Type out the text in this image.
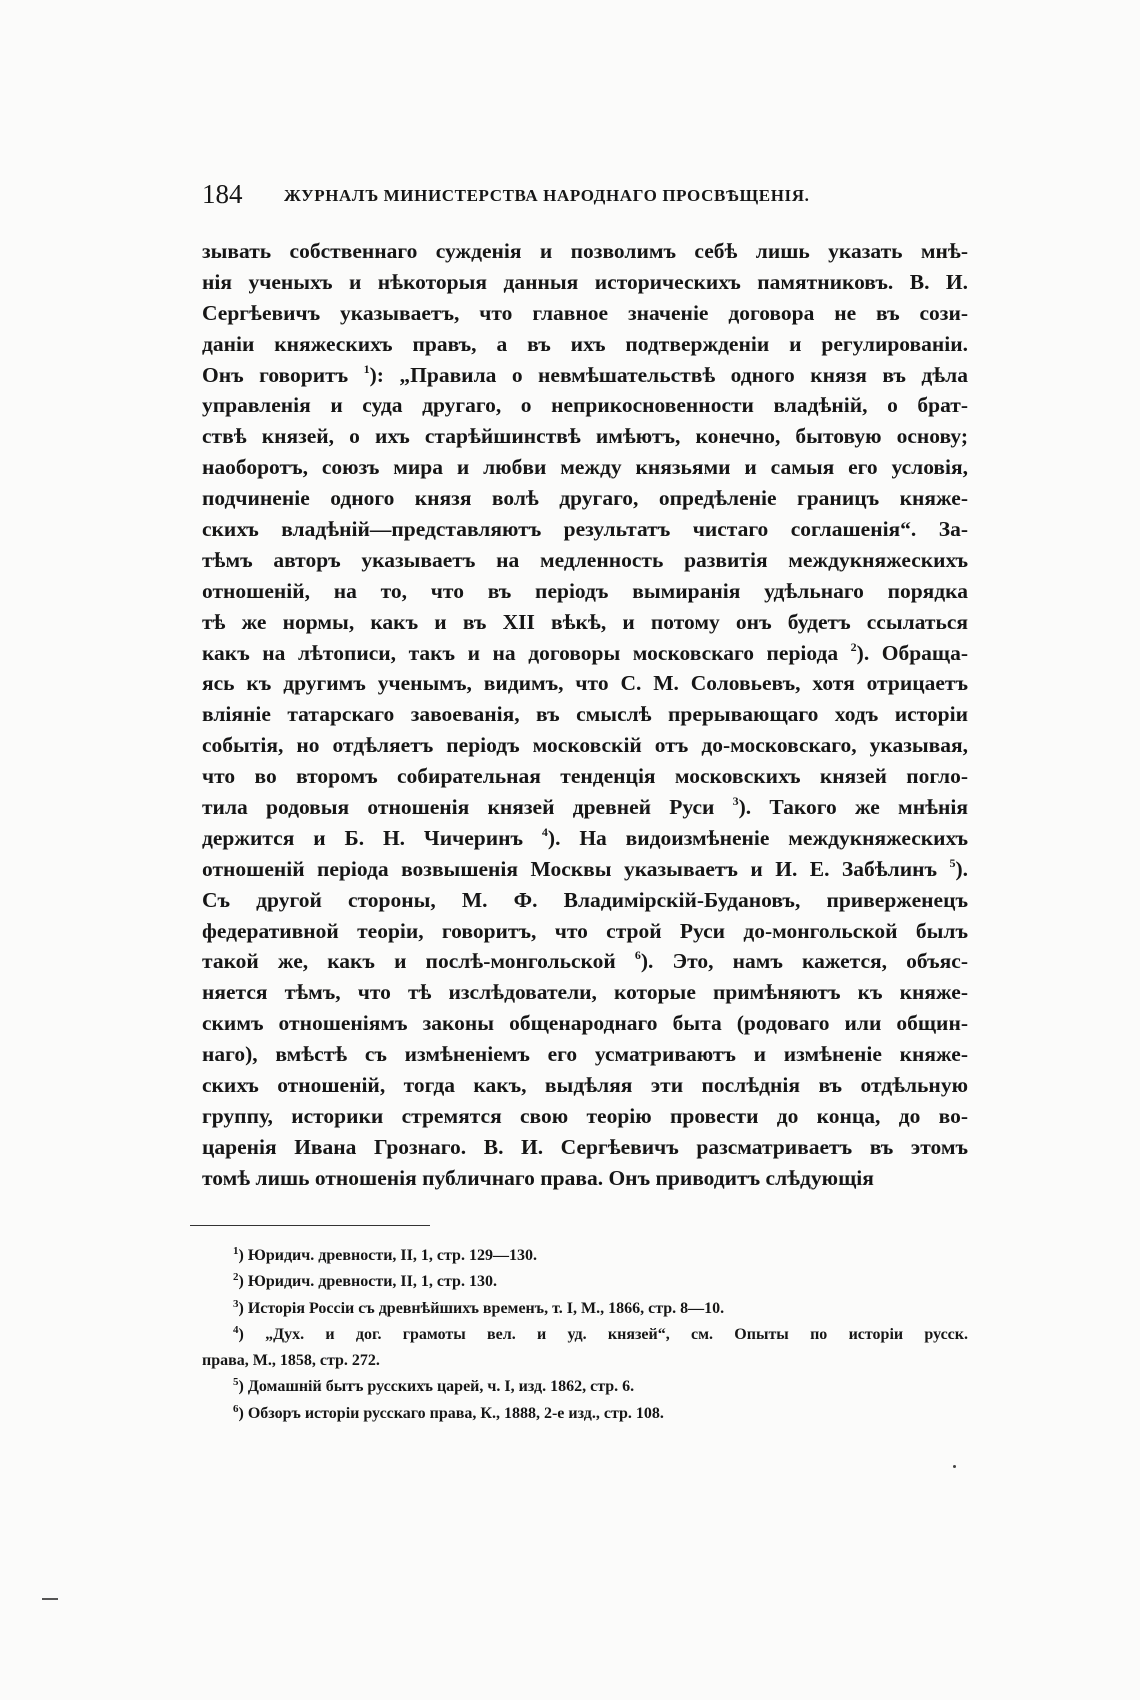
184 ЖУРНАЛЪ МИНИСТЕРСТВА НАРОДНАГО ПРОСВѢЩЕНІЯ.
зывать собственнаго сужденія и позволимъ себѣ лишь указать мнѣ-
нія ученыхъ и нѣкоторыя данныя историческихъ памятниковъ. В. И.
Сергѣевичъ указываетъ, что главное значеніе договора не въ сози-
даніи княжескихъ правъ, а въ ихъ подтвержденіи и регулированіи.
Онъ говоритъ $^1$): „Правила о невмѣшательствѣ одного князя въ дѣла
управленія и суда другаго, о неприкосновенности владѣній, о брат-
ствѣ князей, о ихъ старѣйшинствѣ имѣютъ, конечно, бытовую основу;
наоборотъ, союзъ мира и любви между князьями и самыя его условія,
подчиненіе одного князя волѣ другаго, опредѣленіе границъ княже-
скихъ владѣній—представляютъ результатъ чистаго соглашенія“. За-
тѣмъ авторъ указываетъ на медленность развитія междукняжескихъ
отношеній, на то, что въ періодъ вымиранія удѣльнаго порядка
тѣ же нормы, какъ и въ XII вѣкѣ, и потому онъ будетъ ссылаться
какъ на лѣтописи, такъ и на договоры московскаго періода $^2$). Обраща-
ясь къ другимъ ученымъ, видимъ, что С. М. Соловьевъ, хотя отрицаетъ
вліяніе татарскаго завоеванія, въ смыслѣ прерывающаго ходъ исторіи
событія, но отдѣляетъ періодъ московскій отъ до-московскаго, указывая,
что во второмъ собирательная тенденція московскихъ князей погло-
тила родовыя отношенія князей древней Руси $^3$). Такого же мнѣнія
держится и Б. Н. Чичеринъ $^4$). На видоизмѣненіе междукняжескихъ
отношеній періода возвышенія Москвы указываетъ и И. Е. Забѣлинъ $^5$).
Съ другой стороны, М. Ф. Владимірскій-Будановъ, приверженецъ
федеративной теоріи, говоритъ, что строй Руси до-монгольской былъ
такой же, какъ и послѣ-монгольской $^6$). Это, намъ кажется, объяс-
няется тѣмъ, что тѣ изслѣдователи, которые примѣняютъ къ княже-
скимъ отношеніямъ законы общенароднаго быта (родоваго или общин-
наго), вмѣстѣ съ измѣненіемъ его усматриваютъ и измѣненіе княже-
скихъ отношеній, тогда какъ, выдѣляя эти послѣднія въ отдѣльную
группу, историки стремятся свою теорію провести до конца, до во-
царенія Ивана Грознаго. В. И. Сергѣевичъ разсматриваетъ въ этомъ
томѣ лишь отношенія публичнаго права. Онъ приводитъ слѣдующія
$^1$) Юридич. древности, II, 1, стр. 129—130.
$^2$) Юридич. древности, II, 1, стр. 130.
$^3$) Исторія Россіи съ древнѣйшихъ временъ, т. I, М., 1866, стр. 8—10.
$^4$) „Дух. и дог. грамоты вел. и уд. князей“, см. Опыты по исторіи русск.
права, М., 1858, стр. 272.
$^5$) Домашній бытъ русскихъ царей, ч. I, изд. 1862, стр. 6.
$^6$) Обзоръ исторіи русскаго права, К., 1888, 2-е изд., стр. 108.
